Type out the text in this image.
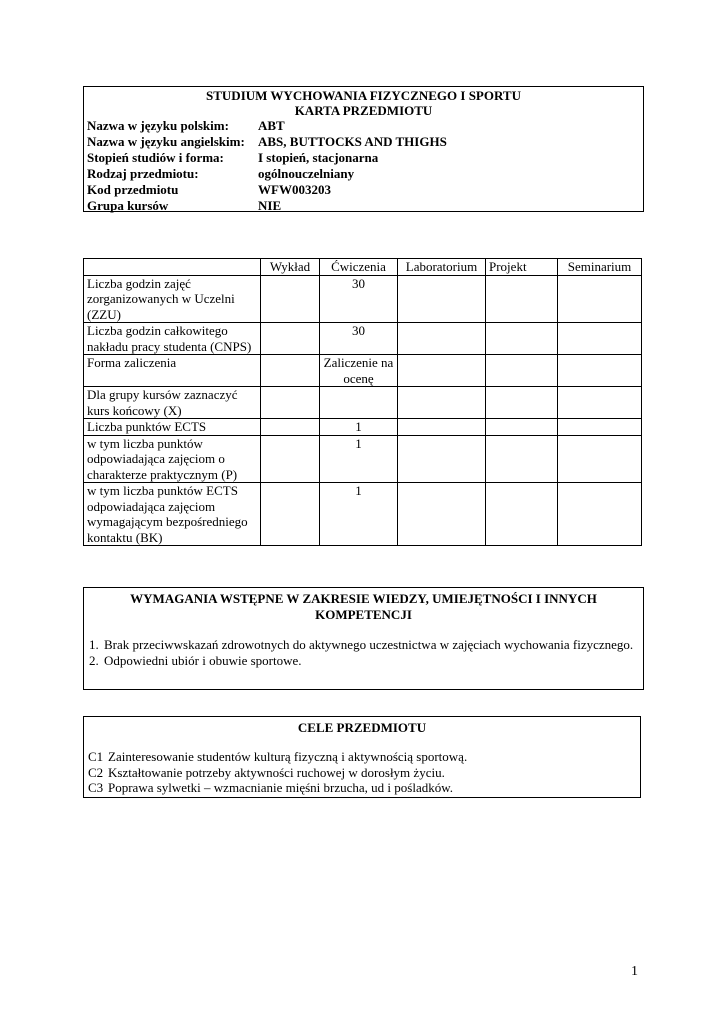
STUDIUM WYCHOWANIA FIZYCZNEGO I SPORTU
KARTA PRZEDMIOTU
Nazwa w języku polskim:	ABT
Nazwa w języku angielskim:	ABS, BUTTOCKS AND THIGHS
Stopień studiów i forma:	I stopień, stacjonarna
Rodzaj przedmiotu:	ogólnouczelniany
Kod przedmiotu	WFW003203
Grupa kursów	NIE
	Wykład	Ćwiczenia	Laboratorium	Projekt	Seminarium
Liczba godzin zajęć zorganizowanych w Uczelni (ZZU)		30			
Liczba godzin całkowitego nakładu pracy studenta (CNPS)		30			
Forma zaliczenia		Zaliczenie na ocenę			
Dla grupy kursów zaznaczyć kurs końcowy (X)					
Liczba punktów ECTS		1			
w tym liczba punktów odpowiadająca zajęciom o charakterze praktycznym (P)		1			
w tym liczba punktów ECTS odpowiadająca zajęciom wymagającym bezpośredniego kontaktu (BK)		1			
WYMAGANIA WSTĘPNE W ZAKRESIE WIEDZY, UMIEJĘTNOŚCI I INNYCH KOMPETENCJI
1. Brak przeciwwskazań zdrowotnych do aktywnego uczestnictwa w zajęciach wychowania fizycznego.
2. Odpowiedni ubiór i obuwie sportowe.
CELE PRZEDMIOTU
C1 Zainteresowanie studentów kulturą fizyczną i aktywnością sportową.
C2 Kształtowanie potrzeby aktywności ruchowej w dorosłym życiu.
C3 Poprawa sylwetki – wzmacnianie mięśni brzucha, ud i pośladków.
1
